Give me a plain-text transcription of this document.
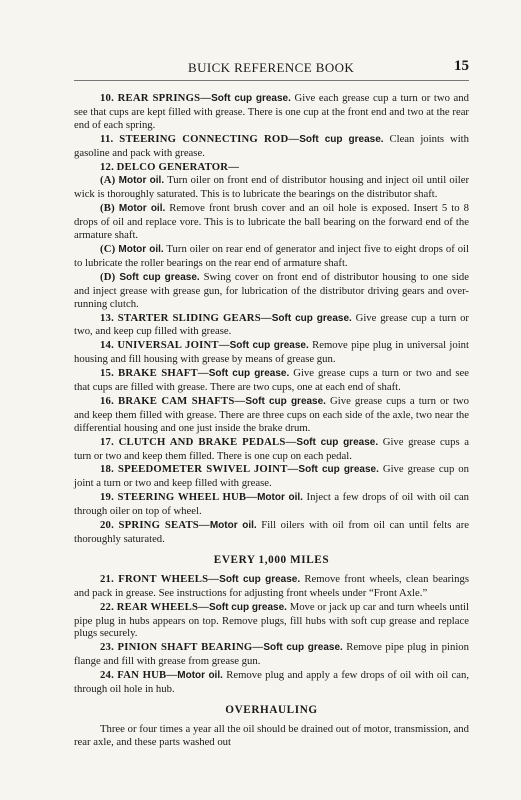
BUICK REFERENCE BOOK	15

10. REAR SPRINGS—Soft cup grease. Give each grease cup a turn or two and see that cups are kept filled with grease. There is one cup at the front end and two at the rear end of each spring.

11. STEERING CONNECTING ROD—Soft cup grease. Clean joints with gasoline and pack with grease.

12. DELCO GENERATOR—

(A) Motor oil. Turn oiler on front end of distributor housing and inject oil until oiler wick is thoroughly saturated. This is to lubricate the bearings on the distributor shaft.

(B) Motor oil. Remove front brush cover and an oil hole is exposed. Insert 5 to 8 drops of oil and replace vore. This is to lubricate the ball bearing on the forward end of the armature shaft.

(C) Motor oil. Turn oiler on rear end of generator and inject five to eight drops of oil to lubricate the roller bearings on the rear end of armature shaft.

(D) Soft cup grease. Swing cover on front end of distributor housing to one side and inject grease with grease gun, for lubrication of the distributor driving gears and over-running clutch.

13. STARTER SLIDING GEARS—Soft cup grease. Give grease cup a turn or two, and keep cup filled with grease.

14. UNIVERSAL JOINT—Soft cup grease. Remove pipe plug in universal joint housing and fill housing with grease by means of grease gun.

15. BRAKE SHAFT—Soft cup grease. Give grease cups a turn or two and see that cups are filled with grease. There are two cups, one at each end of shaft.

16. BRAKE CAM SHAFTS—Soft cup grease. Give grease cups a turn or two and keep them filled with grease. There are three cups on each side of the axle, two near the differential housing and one just inside the brake drum.

17. CLUTCH AND BRAKE PEDALS—Soft cup grease. Give grease cups a turn or two and keep them filled. There is one cup on each pedal.

18. SPEEDOMETER SWIVEL JOINT—Soft cup grease. Give grease cup on joint a turn or two and keep filled with grease.

19. STEERING WHEEL HUB—Motor oil. Inject a few drops of oil with oil can through oiler on top of wheel.

20. SPRING SEATS—Motor oil. Fill oilers with oil from oil can until felts are thoroughly saturated.

EVERY 1,000 MILES

21. FRONT WHEELS—Soft cup grease. Remove front wheels, clean bearings and pack in grease. See instructions for adjusting front wheels under “Front Axle.”

22. REAR WHEELS—Soft cup grease. Move or jack up car and turn wheels until pipe plug in hubs appears on top. Remove plugs, fill hubs with soft cup grease and replace plugs securely.

23. PINION SHAFT BEARING—Soft cup grease. Remove pipe plug in pinion flange and fill with grease from grease gun.

24. FAN HUB—Motor oil. Remove plug and apply a few drops of oil with oil can, through oil hole in hub.

OVERHAULING

Three or four times a year all the oil should be drained out of motor, transmission, and rear axle, and these parts washed out
